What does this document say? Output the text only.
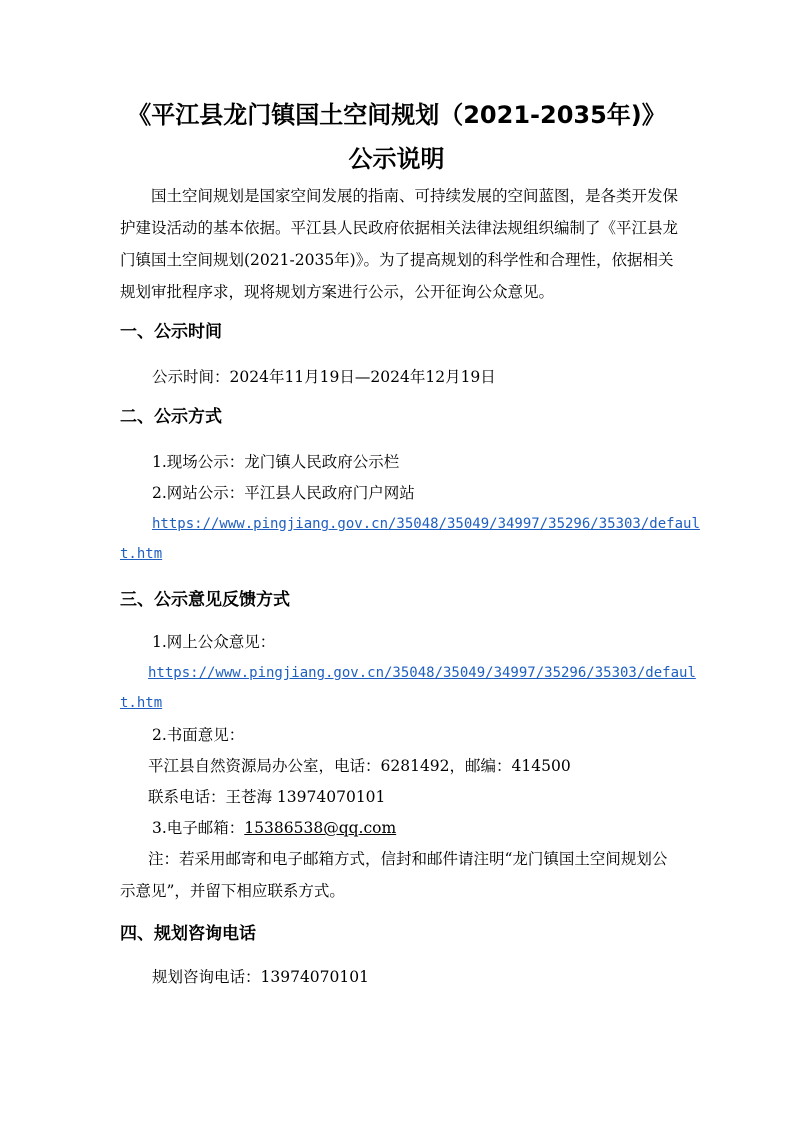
《平江县龙门镇国土空间规划（2021-2035年)》
公示说明
国土空间规划是国家空间发展的指南、可持续发展的空间蓝图，是各类开发保护建设活动的基本依据。平江县人民政府依据相关法律法规组织编制了《平江县龙门镇国土空间规划(2021-2035年)》。为了提高规划的科学性和合理性，依据相关规划审批程序求，现将规划方案进行公示，公开征询公众意见。
一、公示时间
公示时间：2024年11月19日—2024年12月19日
二、公示方式
1.现场公示：龙门镇人民政府公示栏
2.网站公示：平江县人民政府门户网站
https://www.pingjiang.gov.cn/35048/35049/34997/35296/35303/defaul
t.htm
三、公示意见反馈方式
1.网上公众意见：
https://www.pingjiang.gov.cn/35048/35049/34997/35296/35303/defaul
t.htm
2.书面意见：
平江县自然资源局办公室，电话：6281492，邮编：414500
联系电话：王苍海 13974070101
3.电子邮箱：15386538@qq.com
注：若采用邮寄和电子邮箱方式，信封和邮件请注明“龙门镇国土空间规划公示意见”，并留下相应联系方式。
四、规划咨询电话
规划咨询电话：13974070101
